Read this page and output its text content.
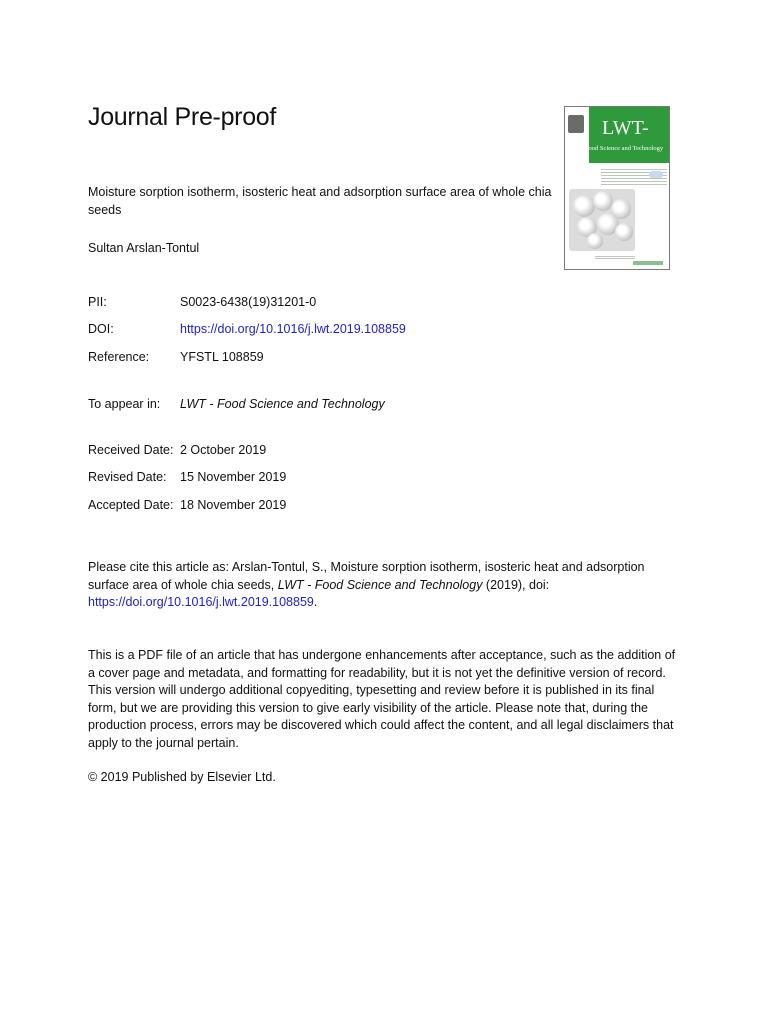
Journal Pre-proof
Moisture sorption isotherm, isosteric heat and adsorption surface area of whole chia seeds
Sultan Arslan-Tontul
PII:	S0023-6438(19)31201-0
DOI:	https://doi.org/10.1016/j.lwt.2019.108859
Reference: YFSTL 108859
To appear in: LWT - Food Science and Technology
Received Date: 2 October 2019
Revised Date: 15 November 2019
Accepted Date: 18 November 2019
Please cite this article as: Arslan-Tontul, S., Moisture sorption isotherm, isosteric heat and adsorption surface area of whole chia seeds, LWT - Food Science and Technology (2019), doi: https://doi.org/10.1016/j.lwt.2019.108859.
This is a PDF file of an article that has undergone enhancements after acceptance, such as the addition of a cover page and metadata, and formatting for readability, but it is not yet the definitive version of record. This version will undergo additional copyediting, typesetting and review before it is published in its final form, but we are providing this version to give early visibility of the article. Please note that, during the production process, errors may be discovered which could affect the content, and all legal disclaimers that apply to the journal pertain.
© 2019 Published by Elsevier Ltd.
LWT-
Food Science and Technology
